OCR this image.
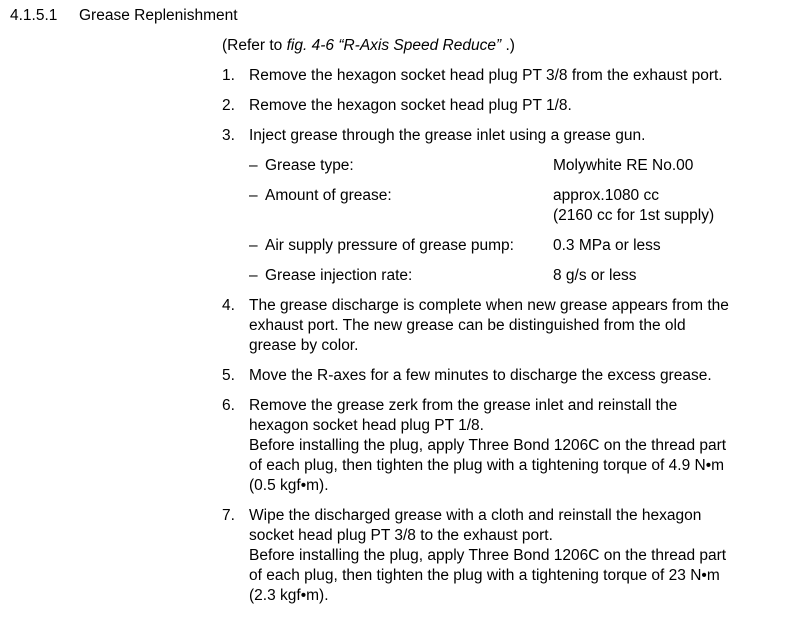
4.1.5.1 Grease Replenishment
(Refer to fig. 4-6 “R-Axis Speed Reduce” .)
1. Remove the hexagon socket head plug PT 3/8 from the exhaust port.
2. Remove the hexagon socket head plug PT 1/8.
3. Inject grease through the grease inlet using a grease gun.
– Grease type:	Molywhite RE No.00
– Amount of grease:	approx.1080 cc
(2160 cc for 1st supply)
– Air supply pressure of grease pump:	0.3 MPa or less
– Grease injection rate:	8 g/s or less
4. The grease discharge is complete when new grease appears from the
exhaust port. The new grease can be distinguished from the old
grease by color.
5. Move the R-axes for a few minutes to discharge the excess grease.
6. Remove the grease zerk from the grease inlet and reinstall the
hexagon socket head plug PT 1/8.
Before installing the plug, apply Three Bond 1206C on the thread part
of each plug, then tighten the plug with a tightening torque of 4.9 N•m
(0.5 kgf•m).
7. Wipe the discharged grease with a cloth and reinstall the hexagon
socket head plug PT 3/8 to the exhaust port.
Before installing the plug, apply Three Bond 1206C on the thread part
of each plug, then tighten the plug with a tightening torque of 23 N•m
(2.3 kgf•m).
